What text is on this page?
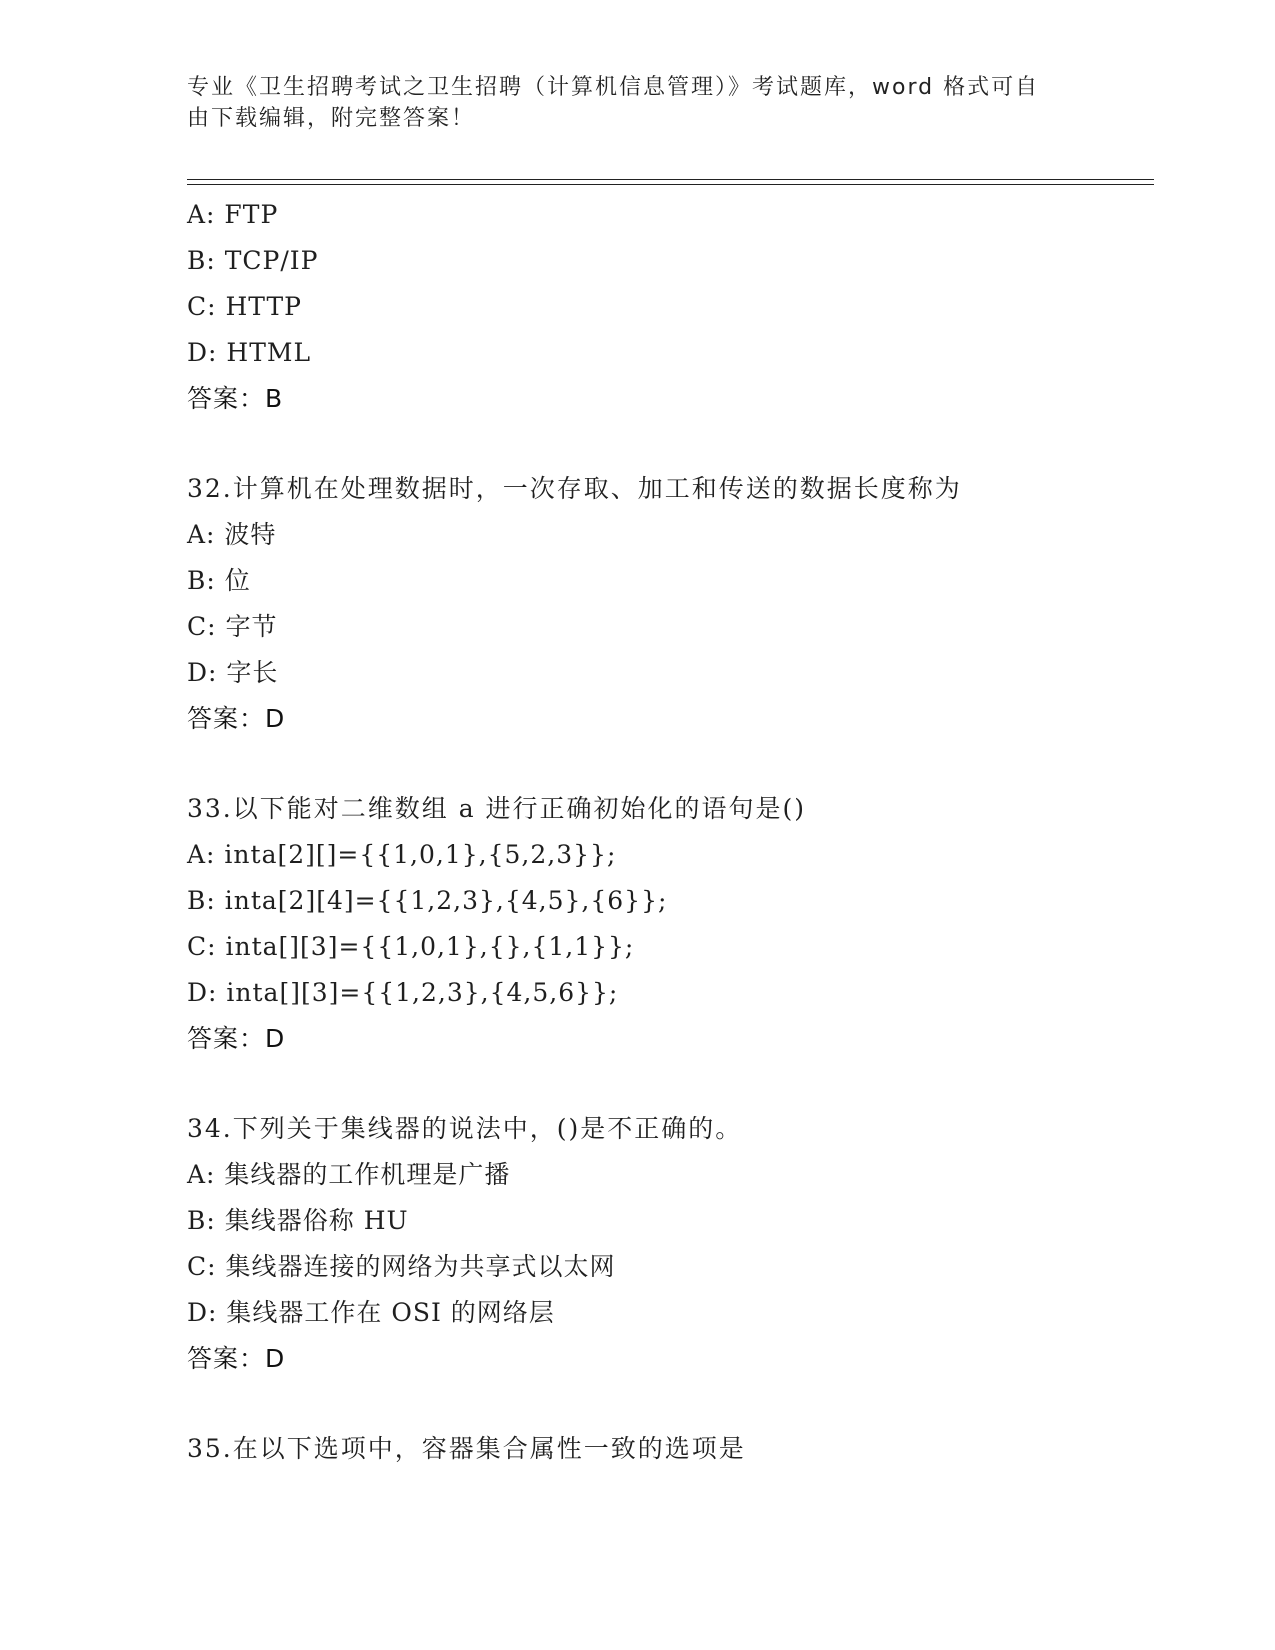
专业《卫生招聘考试之卫生招聘（计算机信息管理）》考试题库，word 格式可自
由下载编辑，附完整答案！
A: FTP
B: TCP/IP
C: HTTP
D: HTML
答案：B
32.计算机在处理数据时，一次存取、加工和传送的数据长度称为
A: 波特
B: 位
C: 字节
D: 字长
答案：D
33.以下能对二维数组 a 进行正确初始化的语句是()
A: inta[2][]={{1,0,1},{5,2,3}};
B: inta[2][4]={{1,2,3},{4,5},{6}};
C: inta[][3]={{1,0,1},{},{1,1}};
D: inta[][3]={{1,2,3},{4,5,6}};
答案：D
34.下列关于集线器的说法中，()是不正确的。
A: 集线器的工作机理是广播
B: 集线器俗称 HU
C: 集线器连接的网络为共享式以太网
D: 集线器工作在 OSI 的网络层
答案：D
35.在以下选项中，容器集合属性一致的选项是
